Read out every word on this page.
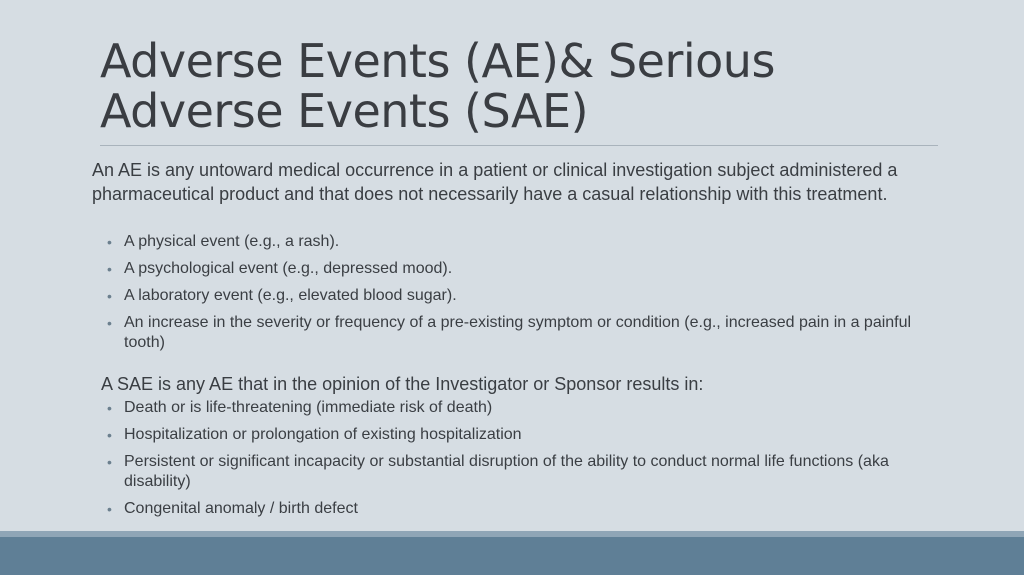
Adverse Events (AE)& Serious
Adverse Events (SAE)

An AE is any untoward medical occurrence in a patient or clinical investigation subject administered a pharmaceutical product and that does not necessarily have a casual relationship with this treatment.

• A physical event (e.g., a rash).
• A psychological event (e.g., depressed mood).
• A laboratory event (e.g., elevated blood sugar).
• An increase in the severity or frequency of a pre-existing symptom or condition (e.g., increased pain in a painful tooth)

A SAE is any AE that in the opinion of the Investigator or Sponsor results in:

• Death or is life-threatening (immediate risk of death)
• Hospitalization or prolongation of existing hospitalization
• Persistent or significant incapacity or substantial disruption of the ability to conduct normal life functions (aka disability)
• Congenital anomaly / birth defect
